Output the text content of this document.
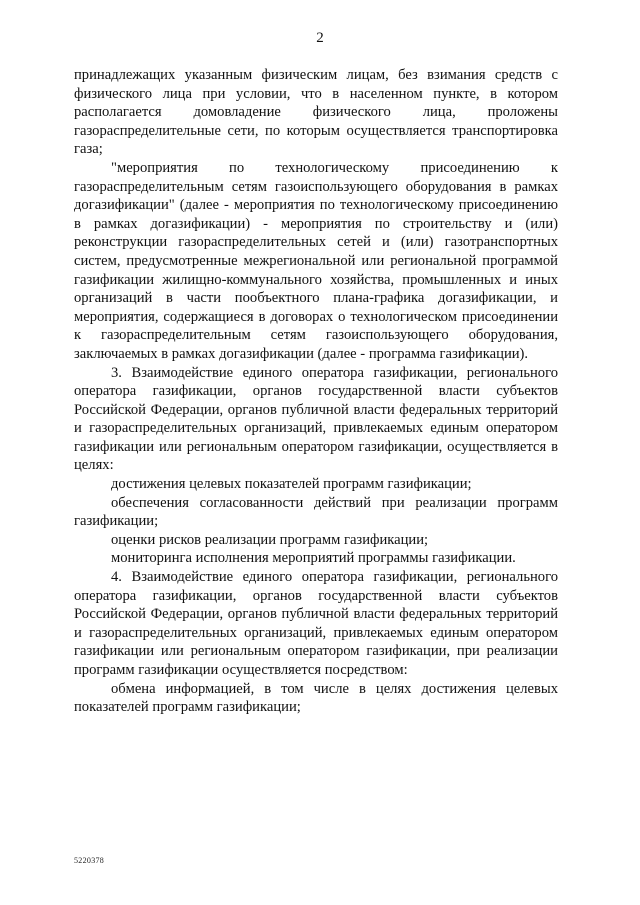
2

принадлежащих указанным физическим лицам, без взимания средств с физического лица при условии, что в населенном пункте, в котором располагается домовладение физического лица, проложены газораспределительные сети, по которым осуществляется транспортировка газа;

"мероприятия по технологическому присоединению к газораспределительным сетям газоиспользующего оборудования в рамках догазификации" (далее - мероприятия по технологическому присоединению в рамках догазификации) - мероприятия по строительству и (или) реконструкции газораспределительных сетей и (или) газотранспортных систем, предусмотренные межрегиональной или региональной программой газификации жилищно-коммунального хозяйства, промышленных и иных организаций в части пообъектного плана-графика догазификации, и мероприятия, содержащиеся в договорах о технологическом присоединении к газораспределительным сетям газоиспользующего оборудования, заключаемых в рамках догазификации (далее - программа газификации).

3. Взаимодействие единого оператора газификации, регионального оператора газификации, органов государственной власти субъектов Российской Федерации, органов публичной власти федеральных территорий и газораспределительных организаций, привлекаемых единым оператором газификации или региональным оператором газификации, осуществляется в целях:

достижения целевых показателей программ газификации;

обеспечения согласованности действий при реализации программ газификации;

оценки рисков реализации программ газификации;

мониторинга исполнения мероприятий программы газификации.

4. Взаимодействие единого оператора газификации, регионального оператора газификации, органов государственной власти субъектов Российской Федерации, органов публичной власти федеральных территорий и газораспределительных организаций, привлекаемых единым оператором газификации или региональным оператором газификации, при реализации программ газификации осуществляется посредством:

обмена информацией, в том числе в целях достижения целевых показателей программ газификации;

5220378
